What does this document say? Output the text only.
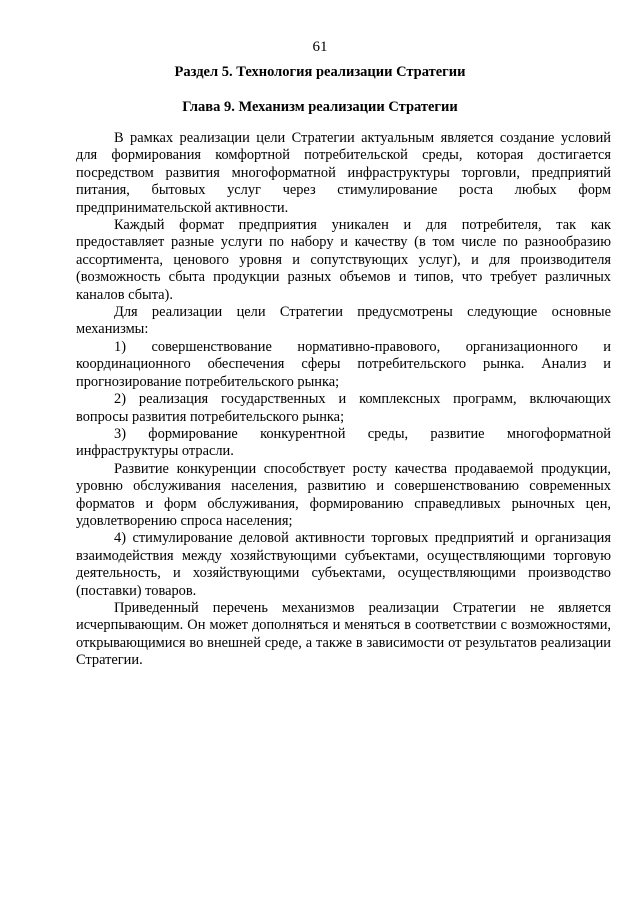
61
Раздел 5. Технология реализации Стратегии
Глава 9. Механизм реализации Стратегии

В рамках реализации цели Стратегии актуальным является создание условий для формирования комфортной потребительской среды, которая достигается посредством развития многоформатной инфраструктуры торговли, предприятий питания, бытовых услуг через стимулирование роста любых форм предпринимательской активности.

Каждый формат предприятия уникален и для потребителя, так как предоставляет разные услуги по набору и качеству (в том числе по разнообразию ассортимента, ценового уровня и сопутствующих услуг), и для производителя (возможность сбыта продукции разных объемов и типов, что требует различных каналов сбыта).

Для реализации цели Стратегии предусмотрены следующие основные механизмы:

1) совершенствование нормативно-правового, организационного и координационного обеспечения сферы потребительского рынка. Анализ и прогнозирование потребительского рынка;

2) реализация государственных и комплексных программ, включающих вопросы развития потребительского рынка;

3) формирование конкурентной среды, развитие многоформатной инфраструктуры отрасли.

Развитие конкуренции способствует росту качества продаваемой продукции, уровню обслуживания населения, развитию и совершенствованию современных форматов и форм обслуживания, формированию справедливых рыночных цен, удовлетворению спроса населения;

4) стимулирование деловой активности торговых предприятий и организация взаимодействия между хозяйствующими субъектами, осуществляющими торговую деятельность, и хозяйствующими субъектами, осуществляющими производство (поставки) товаров.

Приведенный перечень механизмов реализации Стратегии не является исчерпывающим. Он может дополняться и меняться в соответствии с возможностями, открывающимися во внешней среде, а также в зависимости от результатов реализации Стратегии.
